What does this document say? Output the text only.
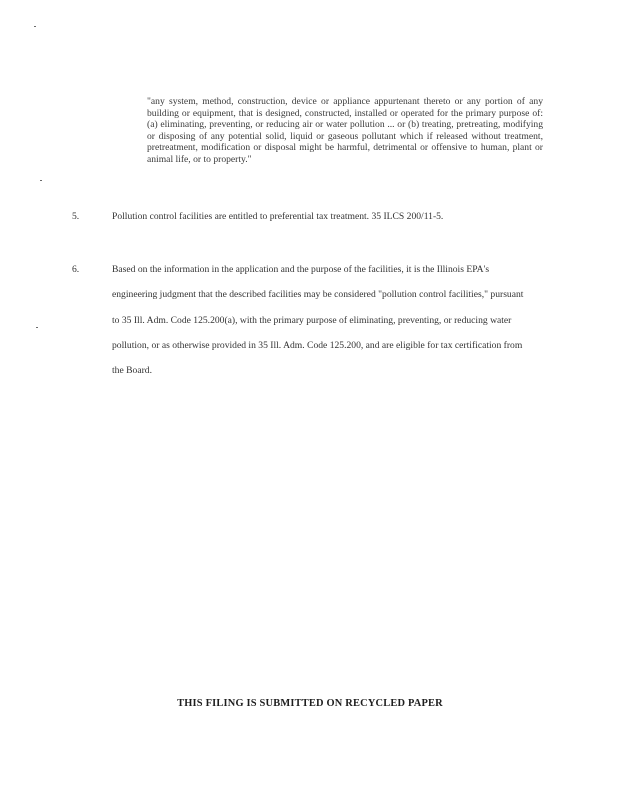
"any system, method, construction, device or appliance appurtenant thereto or any portion of any building or equipment, that is designed, constructed, installed or operated for the primary purpose of: (a) eliminating, preventing, or reducing air or water pollution ... or (b) treating, pretreating, modifying or disposing of any potential solid, liquid or gaseous pollutant which if released without treatment, pretreatment, modification or disposal might be harmful, detrimental or offensive to human, plant or animal life, or to property."
5.	Pollution control facilities are entitled to preferential tax treatment. 35 ILCS 200/11-5.
6.	Based on the information in the application and the purpose of the facilities, it is the Illinois EPA's engineering judgment that the described facilities may be considered "pollution control facilities," pursuant to 35 Ill. Adm. Code 125.200(a), with the primary purpose of eliminating, preventing, or reducing water pollution, or as otherwise provided in 35 Ill. Adm. Code 125.200, and are eligible for tax certification from the Board.
THIS FILING IS SUBMITTED ON RECYCLED PAPER
